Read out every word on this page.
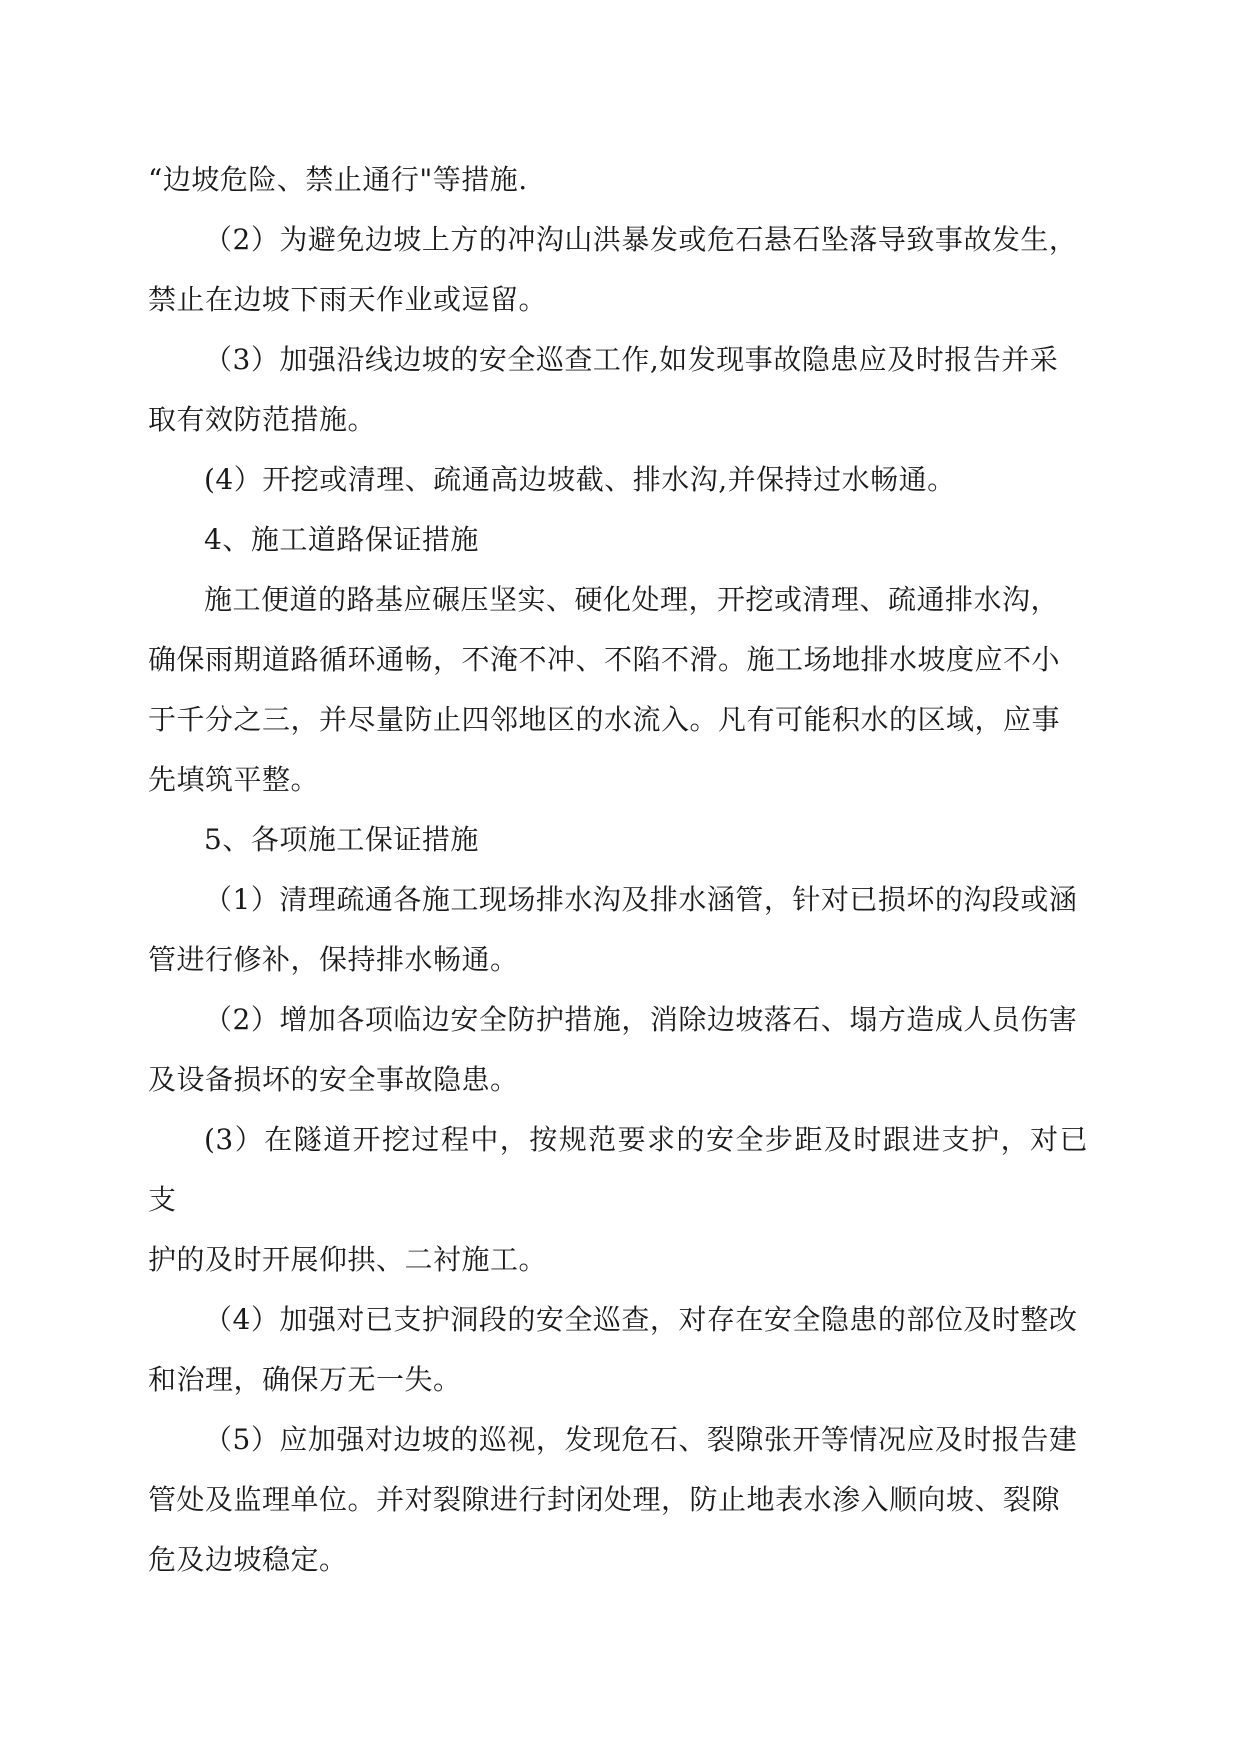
“边坡危险、禁止通行"等措施.

（2）为避免边坡上方的冲沟山洪暴发或危石悬石坠落导致事故发生，
禁止在边坡下雨天作业或逗留。

（3）加强沿线边坡的安全巡查工作,如发现事故隐患应及时报告并采
取有效防范措施。

(4）开挖或清理、疏通高边坡截、排水沟,并保持过水畅通。

4、施工道路保证措施

施工便道的路基应碾压坚实、硬化处理，开挖或清理、疏通排水沟，
确保雨期道路循环通畅，不淹不冲、不陷不滑。施工场地排水坡度应不小
于千分之三，并尽量防止四邻地区的水流入。凡有可能积水的区域，应事
先填筑平整。

5、各项施工保证措施

（1）清理疏通各施工现场排水沟及排水涵管，针对已损坏的沟段或涵
管进行修补，保持排水畅通。

（2）增加各项临边安全防护措施，消除边坡落石、塌方造成人员伤害
及设备损坏的安全事故隐患。

(3）在隧道开挖过程中，按规范要求的安全步距及时跟进支护，对已支
护的及时开展仰拱、二衬施工。

（4）加强对已支护洞段的安全巡查，对存在安全隐患的部位及时整改
和治理，确保万无一失。

（5）应加强对边坡的巡视，发现危石、裂隙张开等情况应及时报告建
管处及监理单位。并对裂隙进行封闭处理，防止地表水渗入顺向坡、裂隙
危及边坡稳定。
